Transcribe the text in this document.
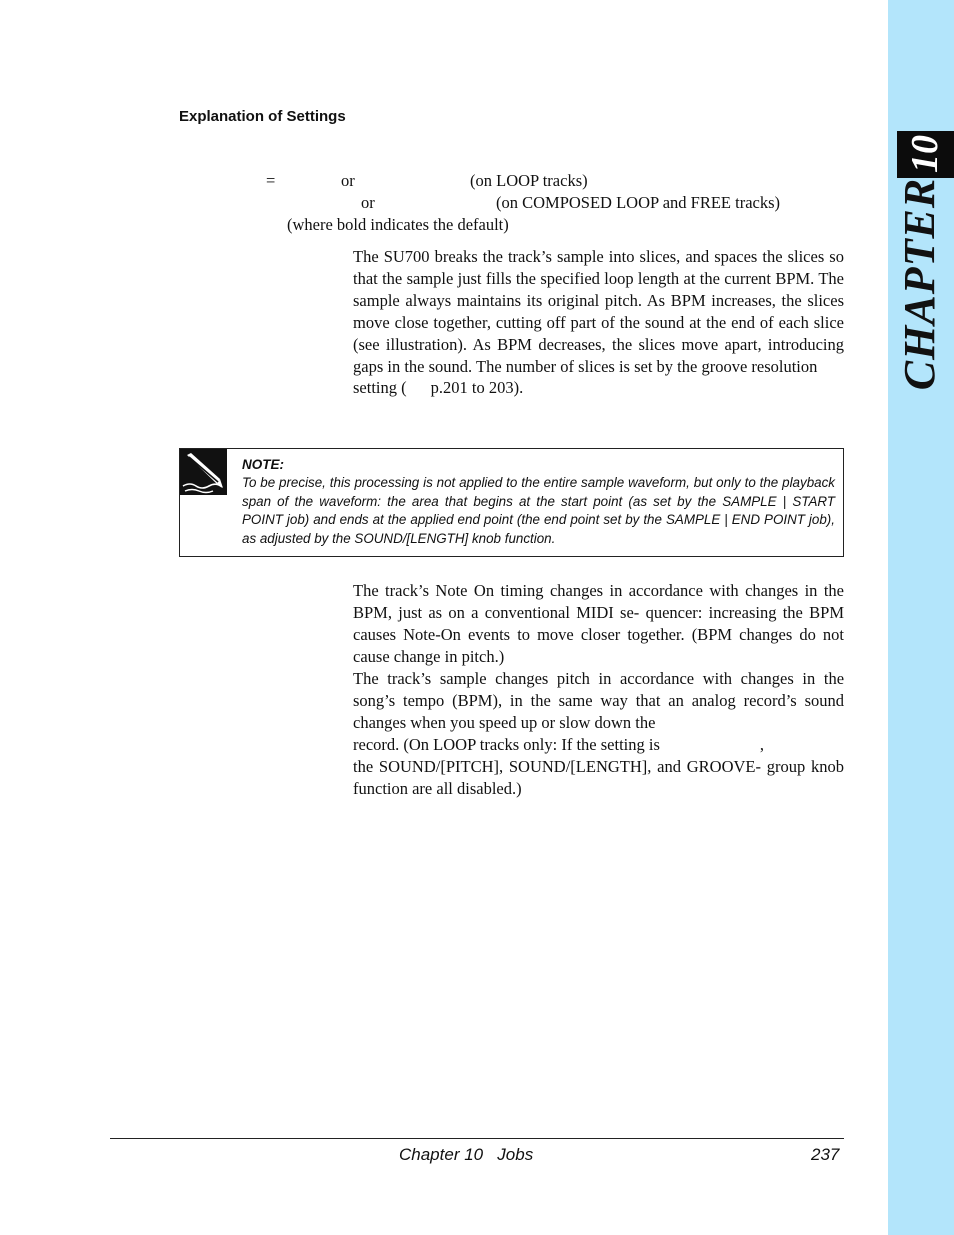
10
CHAPTER
Explanation of Settings
=	or	(on LOOP tracks)
or	(on COMPOSED LOOP and FREE tracks)
(where bold indicates the default)

The SU700 breaks the track’s sample into slices, and spaces the slices so that the sample just fills the specified loop length at the current BPM. The sample always maintains its original pitch. As BPM increases, the slices move close together, cutting off part of the sound at the end of each slice (see illustration). As BPM decreases, the slices move apart, introducing gaps in the sound. The number of slices is set by the groove resolution
setting ( p.201 to 203).

NOTE:

To be precise, this processing is not applied to the entire sample waveform, but only to the playback span of the waveform: the area that begins at the start point (as set by the SAMPLE | START POINT job) and ends at the applied end point (the end point set by the SAMPLE | END POINT job), as adjusted by the SOUND/[LENGTH] knob function.

The track’s Note On timing changes in accordance with changes in the BPM, just as on a conventional MIDI se- quencer: increasing the BPM causes Note-On events to move closer together. (BPM changes do not cause change in pitch.)

The track’s sample changes pitch in accordance with changes in the song’s tempo (BPM), in the same way that an analog record’s sound changes when you speed up or slow down the
record. (On LOOP tracks only: If the setting is	,
the SOUND/[PITCH], SOUND/[LENGTH], and GROOVE- group knob function are all disabled.)

Chapter 10   Jobs	237
